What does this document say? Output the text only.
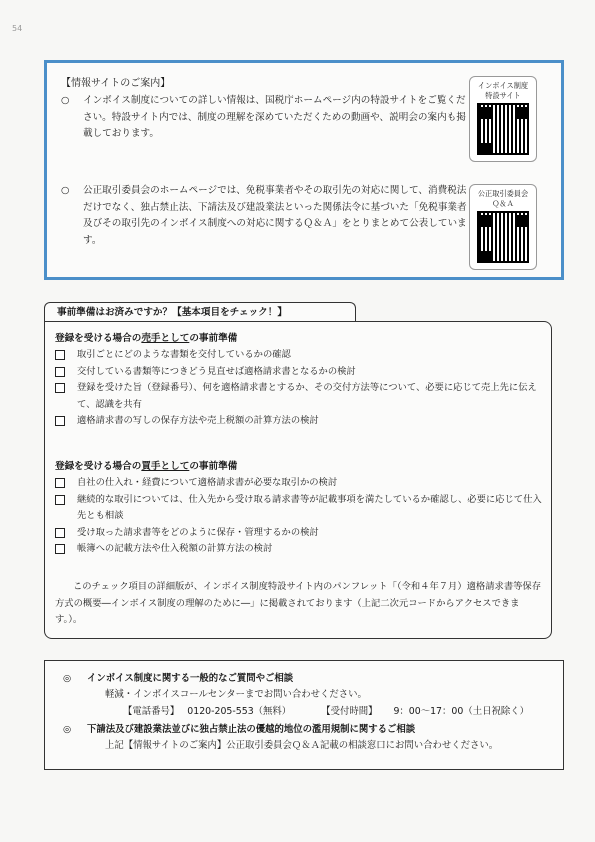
54
【情報サイトのご案内】
○	インボイス制度についての詳しい情報は、国税庁ホームページ内の特設サイトをご覧ください。特設サイト内では、制度の理解を深めていただくための動画や、説明会の案内も掲載しております。
○	公正取引委員会のホームページでは、免税事業者やその取引先の対応に関して、消費税法だけでなく、独占禁止法、下請法及び建設業法といった関係法令に基づいた「免税事業者及びその取引先のインボイス制度への対応に関するＱ＆Ａ」をとりまとめて公表しています。
インボイス制度
特設サイト
公正取引委員会
Ｑ＆Ａ
事前準備はお済みですか？【基本項目をチェック！】
登録を受ける場合の売手としての事前準備
取引ごとにどのような書類を交付しているかの確認
交付している書類等につきどう見直せば適格請求書となるかの検討
登録を受けた旨（登録番号）、何を適格請求書とするか、その交付方法等について、必要に応じて売上先に伝えて、認識を共有
適格請求書の写しの保存方法や売上税額の計算方法の検討
登録を受ける場合の買手としての事前準備
自社の仕入れ・経費について適格請求書が必要な取引かの検討
継続的な取引については、仕入先から受け取る請求書等が記載事項を満たしているか確認し、必要に応じて仕入先とも相談
受け取った請求書等をどのように保存・管理するかの検討
帳簿への記載方法や仕入税額の計算方法の検討
このチェック項目の詳細版が、インボイス制度特設サイト内のパンフレット「（令和４年７月）適格請求書等保存方式の概要―インボイス制度の理解のために―」に掲載されております（上記二次元コードからアクセスできます。）。
◎ インボイス制度に関する一般的なご質問やご相談
軽減・インボイスコールセンターまでお問い合わせください。
【電話番号】 0120-205-553（無料）	【受付時間】 9：00～17：00（土日祝除く）
◎ 下請法及び建設業法並びに独占禁止法の優越的地位の濫用規制に関するご相談
上記【情報サイトのご案内】公正取引委員会Ｑ＆Ａ記載の相談窓口にお問い合わせください。
